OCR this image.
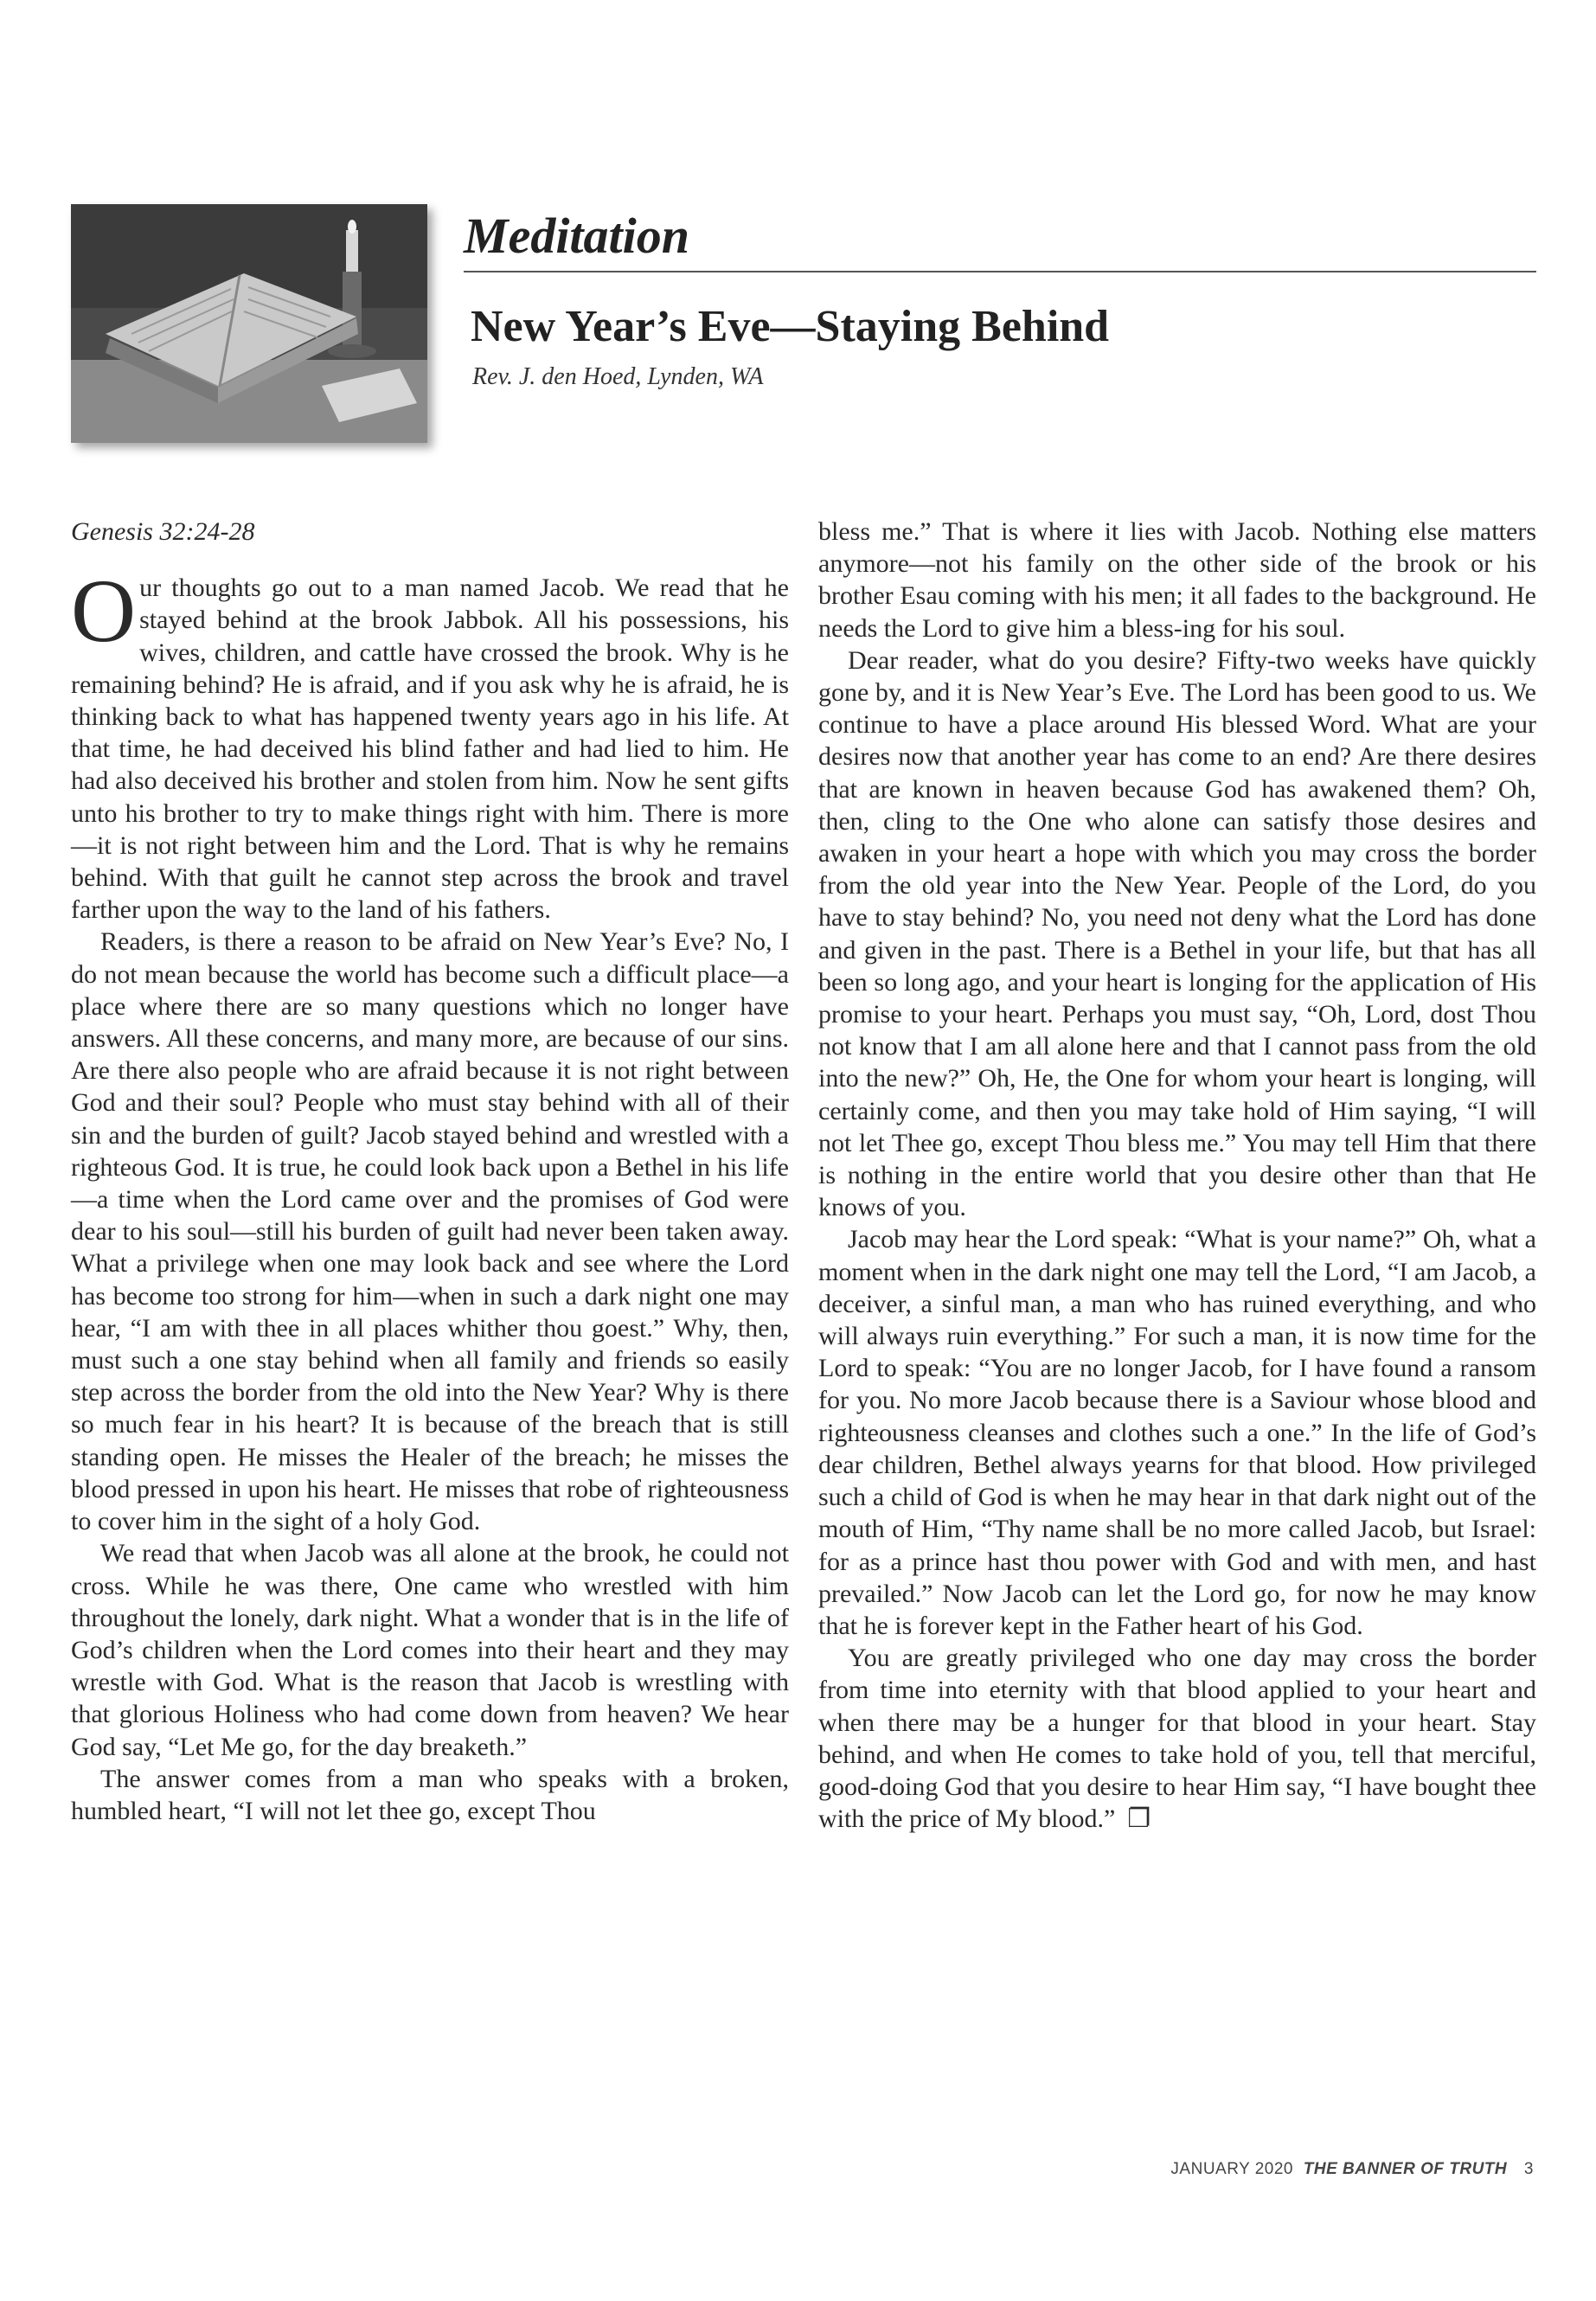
Meditation
New Year’s Eve—Staying Behind
Rev. J. den Hoed, Lynden, WA

Genesis 32:24-28

Our thoughts go out to a man named Jacob. We read that he stayed behind at the brook Jabbok. All his possessions, his wives, children, and cattle have crossed the brook. Why is he remaining behind? He is afraid, and if you ask why he is afraid, he is thinking back to what has happened twenty years ago in his life. At that time, he had deceived his blind father and had lied to him. He had also deceived his brother and stolen from him. Now he sent gifts unto his brother to try to make things right with him. There is more—it is not right between him and the Lord. That is why he remains behind. With that guilt he cannot step across the brook and travel farther upon the way to the land of his fathers.

Readers, is there a reason to be afraid on New Year’s Eve? No, I do not mean because the world has become such a difficult place—a place where there are so many questions which no longer have answers. All these concerns, and many more, are because of our sins. Are there also people who are afraid because it is not right between God and their soul? People who must stay behind with all of their sin and the burden of guilt? Jacob stayed behind and wrestled with a righteous God. It is true, he could look back upon a Bethel in his life—a time when the Lord came over and the promises of God were dear to his soul—still his burden of guilt had never been taken away. What a privilege when one may look back and see where the Lord has become too strong for him—when in such a dark night one may hear, “I am with thee in all places whither thou goest.” Why, then, must such a one stay behind when all family and friends so easily step across the border from the old into the New Year? Why is there so much fear in his heart? It is because of the breach that is still standing open. He misses the Healer of the breach; he misses the blood pressed in upon his heart. He misses that robe of righteousness to cover him in the sight of a holy God.

We read that when Jacob was all alone at the brook, he could not cross. While he was there, One came who wrestled with him throughout the lonely, dark night. What a wonder that is in the life of God’s children when the Lord comes into their heart and they may wrestle with God. What is the reason that Jacob is wrestling with that glorious Holiness who had come down from heaven? We hear God say, “Let Me go, for the day breaketh.”

The answer comes from a man who speaks with a broken, humbled heart, “I will not let thee go, except Thou

bless me.” That is where it lies with Jacob. Nothing else matters anymore—not his family on the other side of the brook or his brother Esau coming with his men; it all fades to the background. He needs the Lord to give him a bless-ing for his soul.

Dear reader, what do you desire? Fifty-two weeks have quickly gone by, and it is New Year’s Eve. The Lord has been good to us. We continue to have a place around His blessed Word. What are your desires now that another year has come to an end? Are there desires that are known in heaven because God has awakened them? Oh, then, cling to the One who alone can satisfy those desires and awaken in your heart a hope with which you may cross the border from the old year into the New Year. People of the Lord, do you have to stay behind? No, you need not deny what the Lord has done and given in the past. There is a Bethel in your life, but that has all been so long ago, and your heart is longing for the application of His promise to your heart. Perhaps you must say, “Oh, Lord, dost Thou not know that I am all alone here and that I cannot pass from the old into the new?” Oh, He, the One for whom your heart is longing, will certainly come, and then you may take hold of Him saying, “I will not let Thee go, except Thou bless me.” You may tell Him that there is nothing in the entire world that you desire other than that He knows of you.

Jacob may hear the Lord speak: “What is your name?” Oh, what a moment when in the dark night one may tell the Lord, “I am Jacob, a deceiver, a sinful man, a man who has ruined everything, and who will always ruin everything.” For such a man, it is now time for the Lord to speak: “You are no longer Jacob, for I have found a ransom for you. No more Jacob because there is a Saviour whose blood and righteousness cleanses and clothes such a one.” In the life of God’s dear children, Bethel always yearns for that blood. How privileged such a child of God is when he may hear in that dark night out of the mouth of Him, “Thy name shall be no more called Jacob, but Israel: for as a prince hast thou power with God and with men, and hast prevailed.” Now Jacob can let the Lord go, for now he may know that he is forever kept in the Father heart of his God.

You are greatly privileged who one day may cross the border from time into eternity with that blood applied to your heart and when there may be a hunger for that blood in your heart. Stay behind, and when He comes to take hold of you, tell that merciful, good-doing God that you desire to hear Him say, “I have bought thee with the price of My blood.” ❐

JANUARY 2020 THE BANNER OF TRUTH 3
